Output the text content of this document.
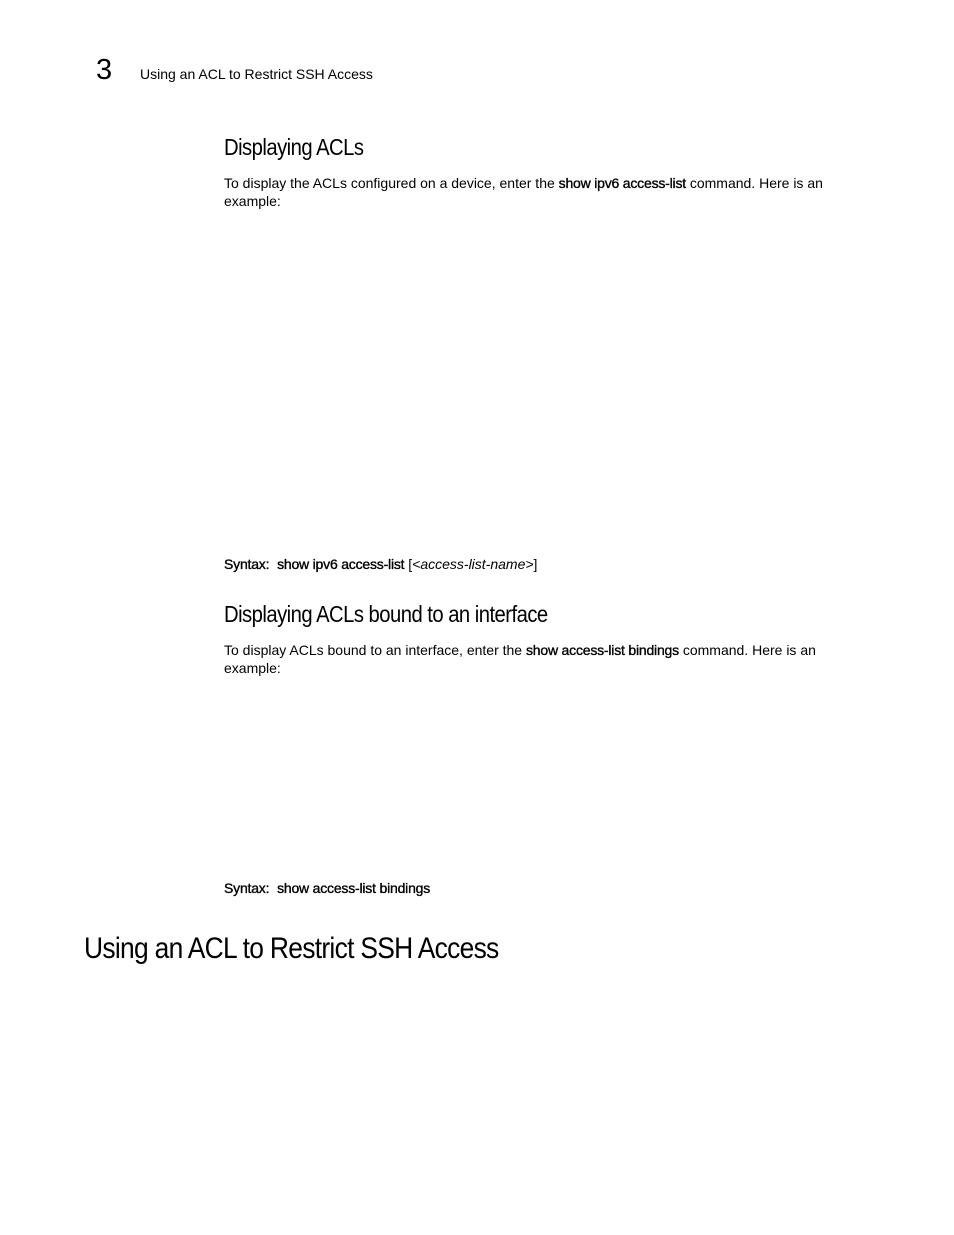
3 Using an ACL to Restrict SSH Access
Displaying ACLs

To display the ACLs configured on a device, enter the show ipv6 access-list command. Here is an example:

Syntax: show ipv6 access-list [<access-list-name>]

Displaying ACLs bound to an interface

To display ACLs bound to an interface, enter the show access-list bindings command. Here is an example:

Syntax: show access-list bindings

Using an ACL to Restrict SSH Access
